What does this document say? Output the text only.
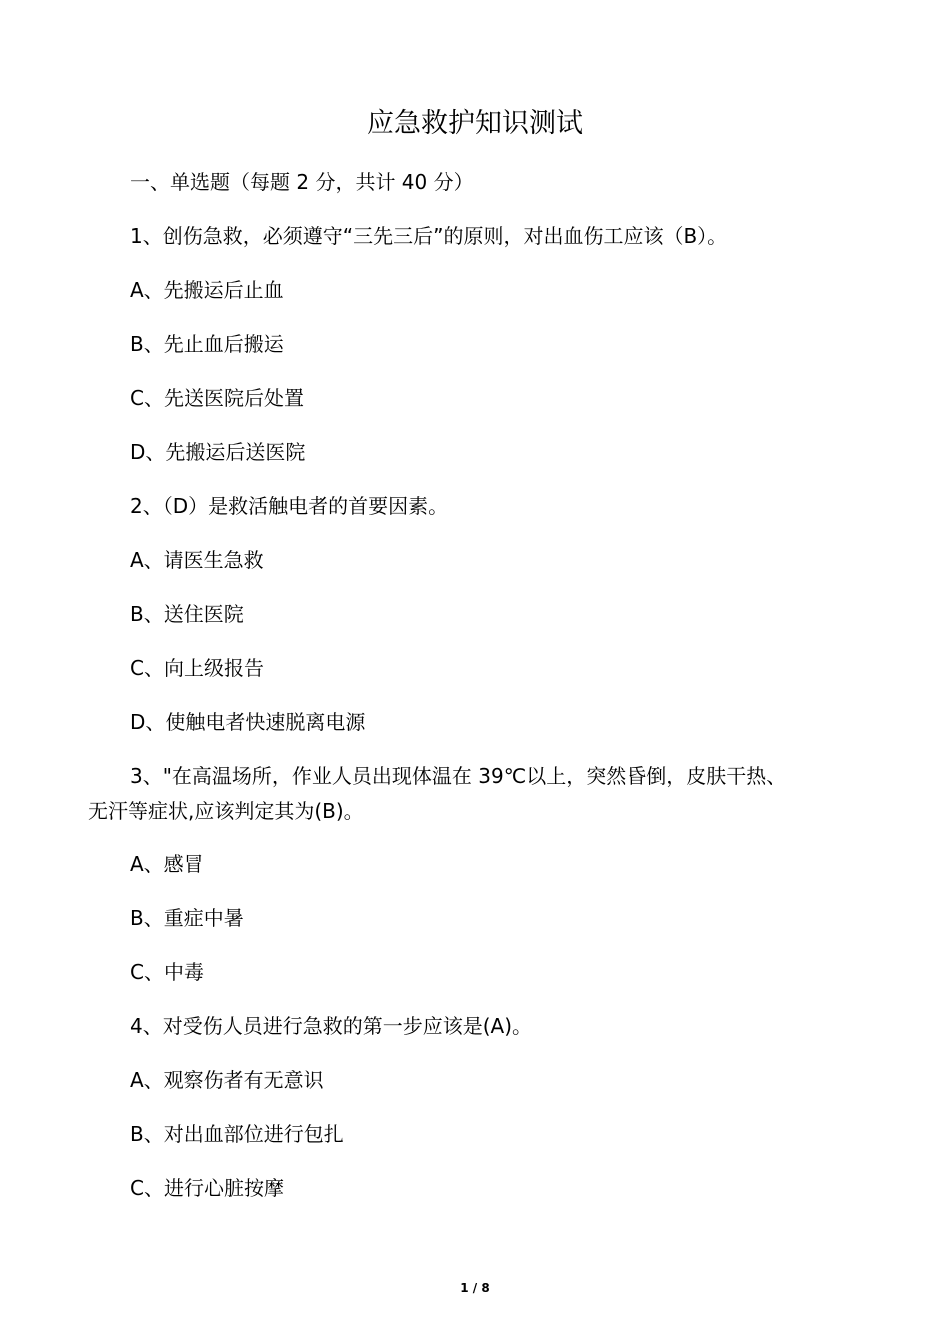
应急救护知识测试

一、单选题（每题 2 分，共计 40 分）

1、创伤急救，必须遵守“三先三后”的原则，对出血伤工应该（B）。

A、先搬运后止血

B、先止血后搬运

C、先送医院后处置

D、先搬运后送医院

2、（D）是救活触电者的首要因素。

A、请医生急救

B、送住医院

C、向上级报告

D、使触电者快速脱离电源

3、"在高温场所，作业人员出现体温在 39℃以上，突然昏倒，皮肤干热、

无汗等症状,应该判定其为(B)。

A、感冒

B、重症中暑

C、中毒

4、对受伤人员进行急救的第一步应该是(A)。

A、观察伤者有无意识

B、对出血部位进行包扎

C、进行心脏按摩

1 / 8
